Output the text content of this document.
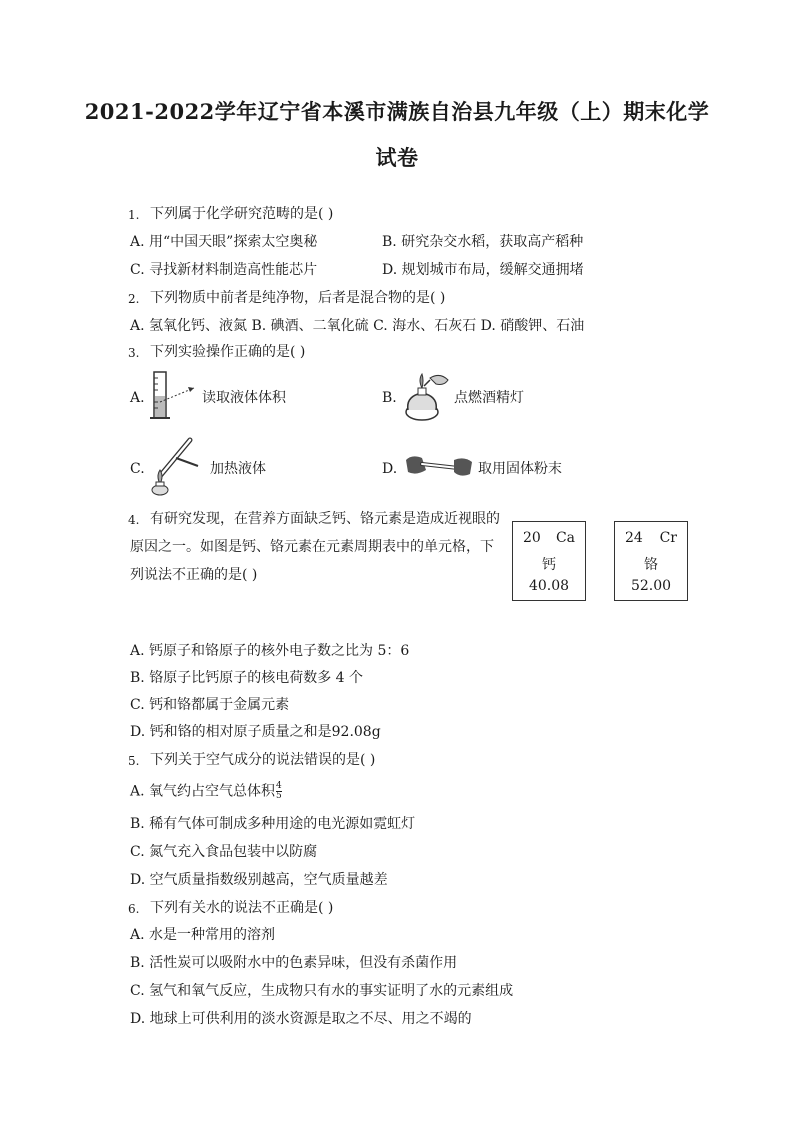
2021-2022学年辽宁省本溪市满族自治县九年级（上）期末化学
试卷
1. 下列属于化学研究范畴的是( )
A. 用“中国天眼”探索太空奥秘	B. 研究杂交水稻，获取高产稻种
C. 寻找新材料制造高性能芯片	D. 规划城市布局，缓解交通拥堵
2. 下列物质中前者是纯净物，后者是混合物的是( )
A. 氢氧化钙、液氮 B. 碘酒、二氧化硫 C. 海水、石灰石 D. 硝酸钾、石油
3. 下列实验操作正确的是( )
A.	读取液体体积	B.	点燃酒精灯
C.	加热液体	D.	取用固体粉末
4. 有研究发现，在营养方面缺乏钙、铬元素是造成近视眼的
原因之一。如图是钙、铬元素在元素周期表中的单元格，下
列说法不正确的是( )
20 Ca
钙
40.08
24 Cr
铬
52.00
A. 钙原子和铬原子的核外电子数之比为 5：6
B. 铬原子比钙原子的核电荷数多 4 个
C. 钙和铬都属于金属元素
D. 钙和铬的相对原子质量之和是92.08g
5. 下列关于空气成分的说法错误的是( )
A. 氧气约占空气总体积 $\frac{4}{5}$
B. 稀有气体可制成多种用途的电光源如霓虹灯
C. 氮气充入食品包装中以防腐
D. 空气质量指数级别越高，空气质量越差
6. 下列有关水的说法不正确是( )
A. 水是一种常用的溶剂
B. 活性炭可以吸附水中的色素异味，但没有杀菌作用
C. 氢气和氧气反应，生成物只有水的事实证明了水的元素组成
D. 地球上可供利用的淡水资源是取之不尽、用之不竭的
